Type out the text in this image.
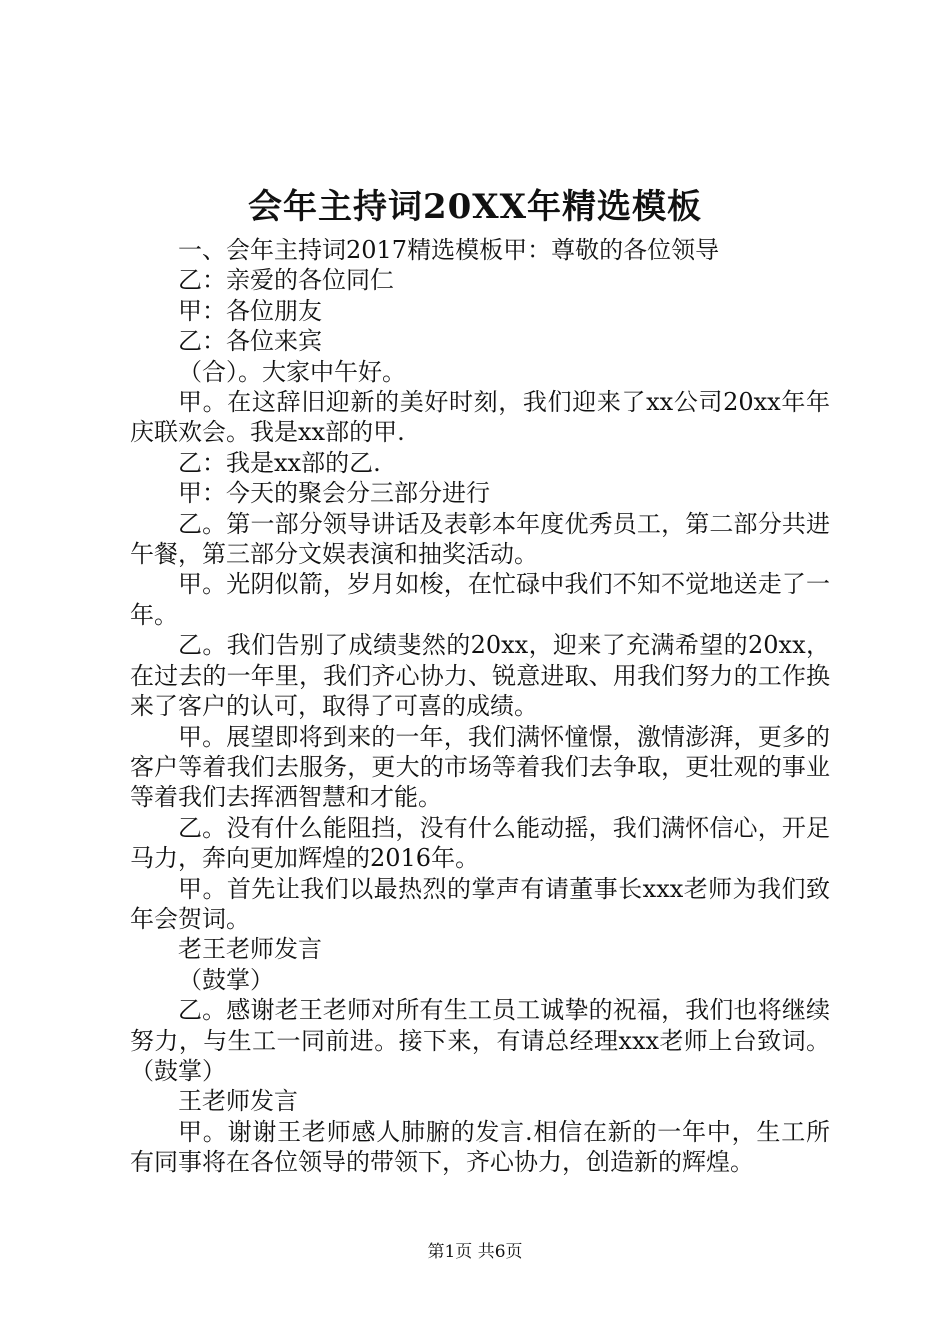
会年主持词20XX年精选模板

一、会年主持词2017精选模板甲：尊敬的各位领导

乙：亲爱的各位同仁

甲：各位朋友

乙：各位来宾

（合）。大家中午好。

甲。在这辞旧迎新的美好时刻，我们迎来了xx公司20xx年年庆联欢会。我是xx部的甲.

乙：我是xx部的乙.

甲：今天的聚会分三部分进行

乙。第一部分领导讲话及表彰本年度优秀员工，第二部分共进午餐，第三部分文娱表演和抽奖活动。

甲。光阴似箭，岁月如梭，在忙碌中我们不知不觉地送走了一年。

乙。我们告别了成绩斐然的20xx，迎来了充满希望的20xx，在过去的一年里，我们齐心协力、锐意进取、用我们努力的工作换来了客户的认可，取得了可喜的成绩。

甲。展望即将到来的一年，我们满怀憧憬，激情澎湃，更多的客户等着我们去服务，更大的市场等着我们去争取，更壮观的事业等着我们去挥洒智慧和才能。

乙。没有什么能阻挡，没有什么能动摇，我们满怀信心，开足马力，奔向更加辉煌的2016年。

甲。首先让我们以最热烈的掌声有请董事长xxx老师为我们致年会贺词。

老王老师发言

（鼓掌）

乙。感谢老王老师对所有生工员工诚挚的祝福，我们也将继续努力，与生工一同前进。接下来，有请总经理xxx老师上台致词。（鼓掌）

王老师发言

甲。谢谢王老师感人肺腑的发言.相信在新的一年中，生工所有同事将在各位领导的带领下，齐心协力，创造新的辉煌。

第1页 共6页
